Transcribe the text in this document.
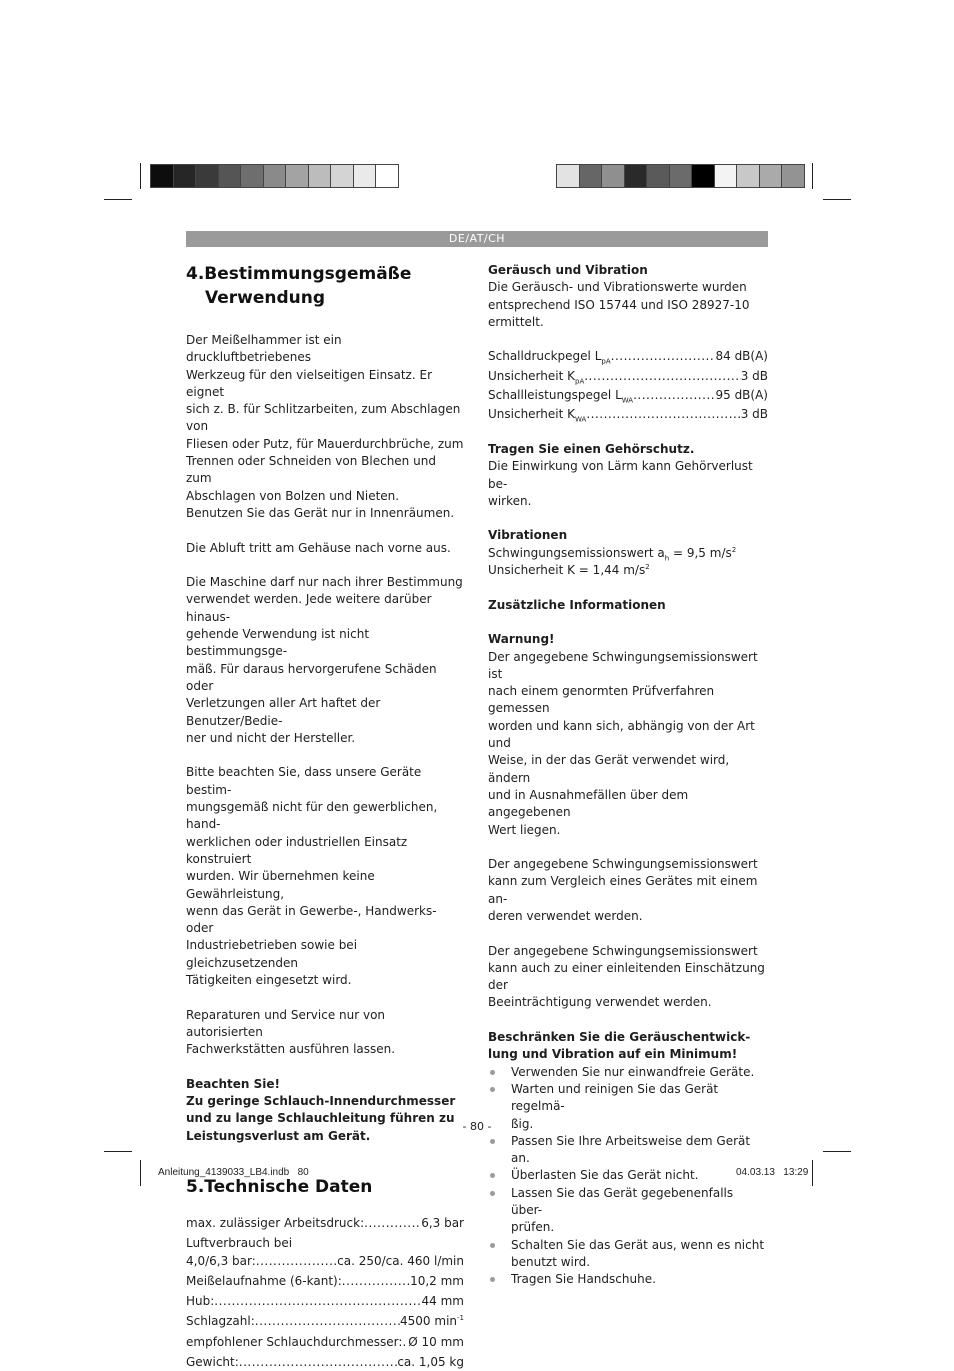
DE/AT/CH
4.Bestimmungsgemäße
Verwendung

Der Meißelhammer ist ein druckluftbetriebenes

Werkzeug für den vielseitigen Einsatz. Er eignet

sich z. B. für Schlitzarbeiten, zum Abschlagen von

Fliesen oder Putz, für Mauerdurchbrüche, zum

Trennen oder Schneiden von Blechen und zum

Abschlagen von Bolzen und Nieten.

Benutzen Sie das Gerät nur in Innenräumen.

Die Abluft tritt am Gehäuse nach vorne aus.

Die Maschine darf nur nach ihrer Bestimmung

verwendet werden. Jede weitere darüber hinaus-

gehende Verwendung ist nicht bestimmungsge-

mäß. Für daraus hervorgerufene Schäden oder

Verletzungen aller Art haftet der Benutzer/Bedie-

ner und nicht der Hersteller.

Bitte beachten Sie, dass unsere Geräte bestim-

mungsgemäß nicht für den gewerblichen, hand-

werklichen oder industriellen Einsatz konstruiert

wurden. Wir übernehmen keine Gewährleistung,

wenn das Gerät in Gewerbe-, Handwerks- oder

Industriebetrieben sowie bei gleichzusetzenden

Tätigkeiten eingesetzt wird.

Reparaturen und Service nur von autorisierten

Fachwerkstätten ausführen lassen.

Beachten Sie!

Zu geringe Schlauch-Innendurchmesser

und zu lange Schlauchleitung führen zu

Leistungsverlust am Gerät.

5.Technische Daten
max. zulässiger Arbeitsdruck: .....	6,3 bar

Luftverbrauch bei

4,0/6,3 bar: .....	ca. 250/ca. 460 l/min
Meißelaufnahme (6-kant): .....	10,2 mm
Hub: .....	44 mm
Schlagzahl: .....	4500 $\min^{-1}$
empfohlener Schlauchdurchmesser: ..... Ø 10 mm
Gewicht: .....	ca. 1,05 kg

Geräusch und Vibration

Die Geräusch- und Vibrationswerte wurden

entsprechend ISO 15744 und ISO 28927-10

ermittelt.

Schalldruckpegel $L_{pA}$ .....	84 dB(A)
Unsicherheit $K_{pA}$ .....	3 dB
Schallleistungspegel $L_{WA}$ .....	95 dB(A)
Unsicherheit $K_{WA}$ .....	3 dB

Tragen Sie einen Gehörschutz.

Die Einwirkung von Lärm kann Gehörverlust be-

wirken.

Vibrationen

Schwingungsemissionswert $a_h = 9,5$ $m/s^2$

Unsicherheit K = 1,44 $m/s^2$

Zusätzliche Informationen

Warnung!

Der angegebene Schwingungsemissionswert ist

nach einem genormten Prüfverfahren gemessen

worden und kann sich, abhängig von der Art und

Weise, in der das Gerät verwendet wird, ändern

und in Ausnahmefällen über dem angegebenen

Wert liegen.

Der angegebene Schwingungsemissionswert

kann zum Vergleich eines Gerätes mit einem an-

deren verwendet werden.

Der angegebene Schwingungsemissionswert

kann auch zu einer einleitenden Einschätzung der

Beeinträchtigung verwendet werden.

Beschränken Sie die Geräuschentwick-

lung und Vibration auf ein Minimum!

Verwenden Sie nur einwandfreie Geräte.

Warten und reinigen Sie das Gerät regelmä-

ßig.

Passen Sie Ihre Arbeitsweise dem Gerät an.
Überlasten Sie das Gerät nicht.

Lassen Sie das Gerät gegebenenfalls über-

prüfen.

Schalten Sie das Gerät aus, wenn es nicht

benutzt wird.

Tragen Sie Handschuhe.
- 80 -
Anleitung_4139033_LB4.indb   80	04.03.13   13:29
